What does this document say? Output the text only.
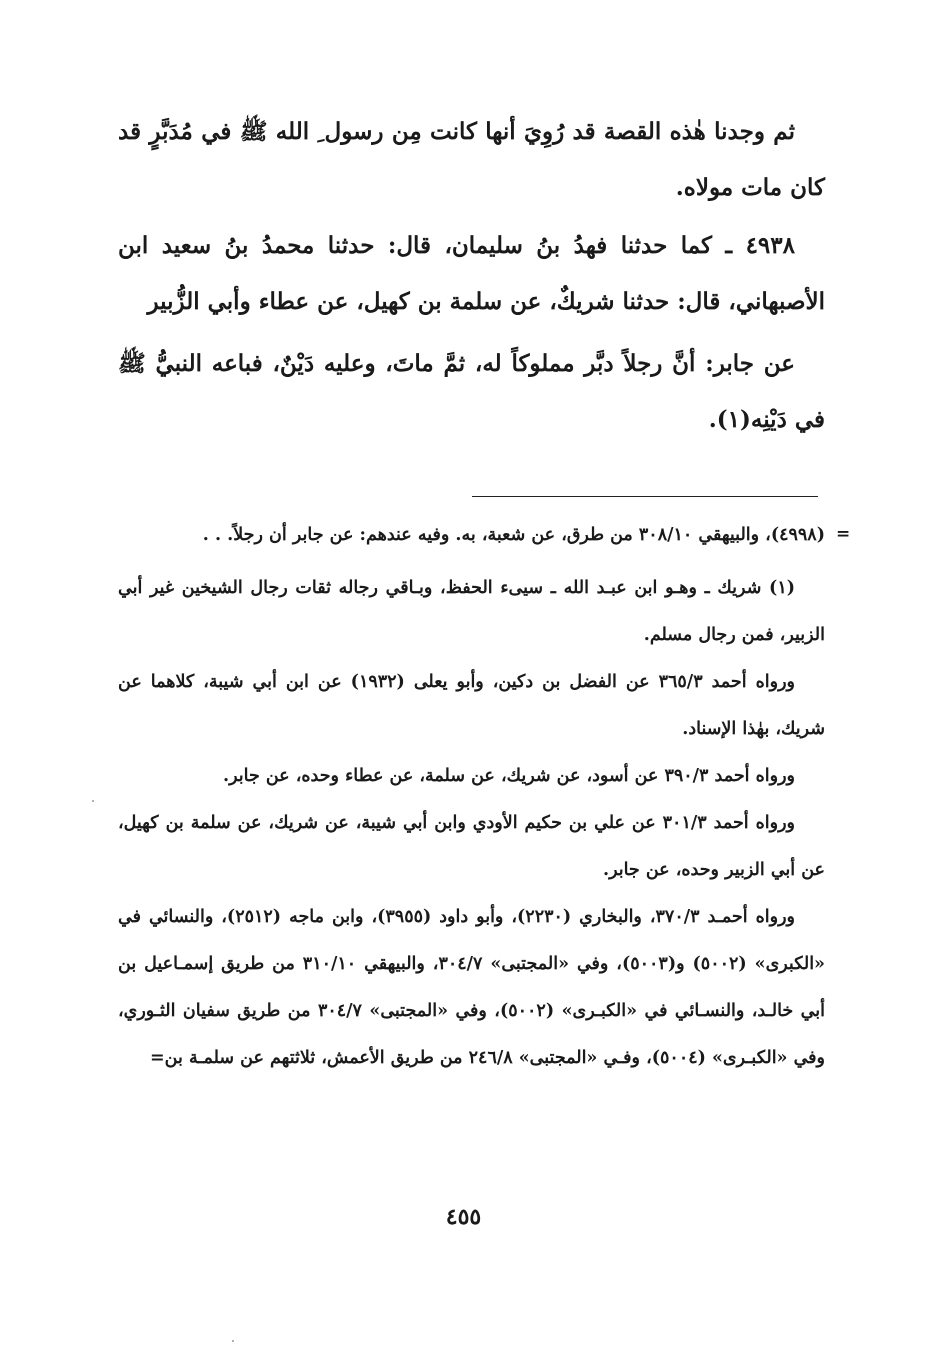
ثم وجدنا هٰذه القصة قد رُوِيَ أنها كانت مِن رسول ِ الله ﷺ في مُدَبَّرٍ قد كان مات مولاه.

٤٩٣٨ ـ كما حدثنا فهدُ بنُ سليمان، قال: حدثنا محمدُ بنُ سعيد ابن الأصبهاني، قال: حدثنا شريكٌ، عن سلمة بن كهيل، عن عطاء وأبي الزُّبير

عن جابر: أنَّ رجلاً دبَّر مملوكاً له، ثمَّ ماتَ، وعليه دَيْنٌ، فباعه النبيُّ ﷺ في دَيْنِه(١).

=

(٤٩٩٨)، والبيهقي ٣٠٨/١٠ من طرق، عن شعبة، به. وفيه عندهم: عن جابر أن رجلاً. . .

(١) شريك ـ وهـو ابن عبـد الله ـ سيىء الحفظ، وبـاقي رجاله ثقات رجال الشيخين غير أبي الزبير، فمن رجال مسلم.

ورواه أحمد ٣٦٥/٣ عن الفضل بن دكين، وأبو يعلى (١٩٣٢) عن ابن أبي شيبة، كلاهما عن شريك، بهٰذا الإسناد.

ورواه أحمد ٣٩٠/٣ عن أسود، عن شريك، عن سلمة، عن عطاء وحده، عن جابر.

ورواه أحمد ٣٠١/٣ عن علي بن حكيم الأودي وابن أبي شيبة، عن شريك، عن سلمة بن كهيل، عن أبي الزبير وحده، عن جابر.

ورواه أحمـد ٣٧٠/٣، والبخاري (٢٢٣٠)، وأبو داود (٣٩٥٥)، وابن ماجه (٢٥١٢)، والنسائي في «الكبرى» (٥٠٠٢) و(٥٠٠٣)، وفي «المجتبى» ٣٠٤/٧، والبيهقي ٣١٠/١٠ من طريق إسمـاعيل بن أبي خالـد، والنسـائي في «الكبـرى» (٥٠٠٢)، وفي «المجتبى» ٣٠٤/٧ من طريق سفيان الثـوري، وفي «الكبـرى» (٥٠٠٤)، وفـي «المجتبى» ٢٤٦/٨ من طريق الأعمش، ثلاثتهم عن سلمـة بن=

٤٥٥
